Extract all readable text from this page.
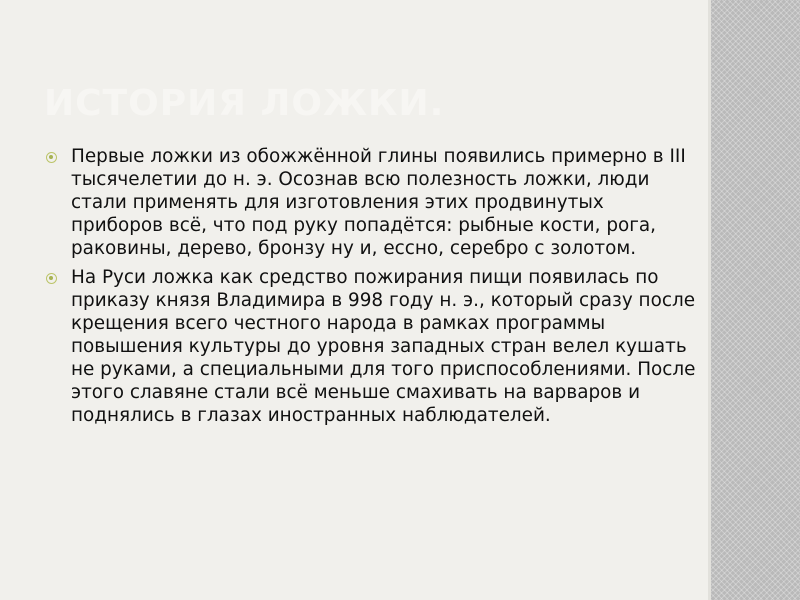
ИСТОРИЯ ЛОЖКИ.
Первые ложки из обожжённой глины появились примерно в III тысячелетии до н. э. Осознав всю полезность ложки, люди стали применять для изготовления этих продвинутых приборов всё, что под руку попадётся: рыбные кости, рога, раковины, дерево, бронзу ну и, ессно, серебро с золотом.
На Руси ложка как средство пожирания пищи появилась по приказу князя Владимира в 998 году н. э., который сразу после крещения всего честного народа в рамках программы повышения культуры до уровня западных стран велел кушать не руками, а специальными для того приспособлениями. После этого славяне стали всё меньше смахивать на варваров и поднялись в глазах иностранных наблюдателей.
